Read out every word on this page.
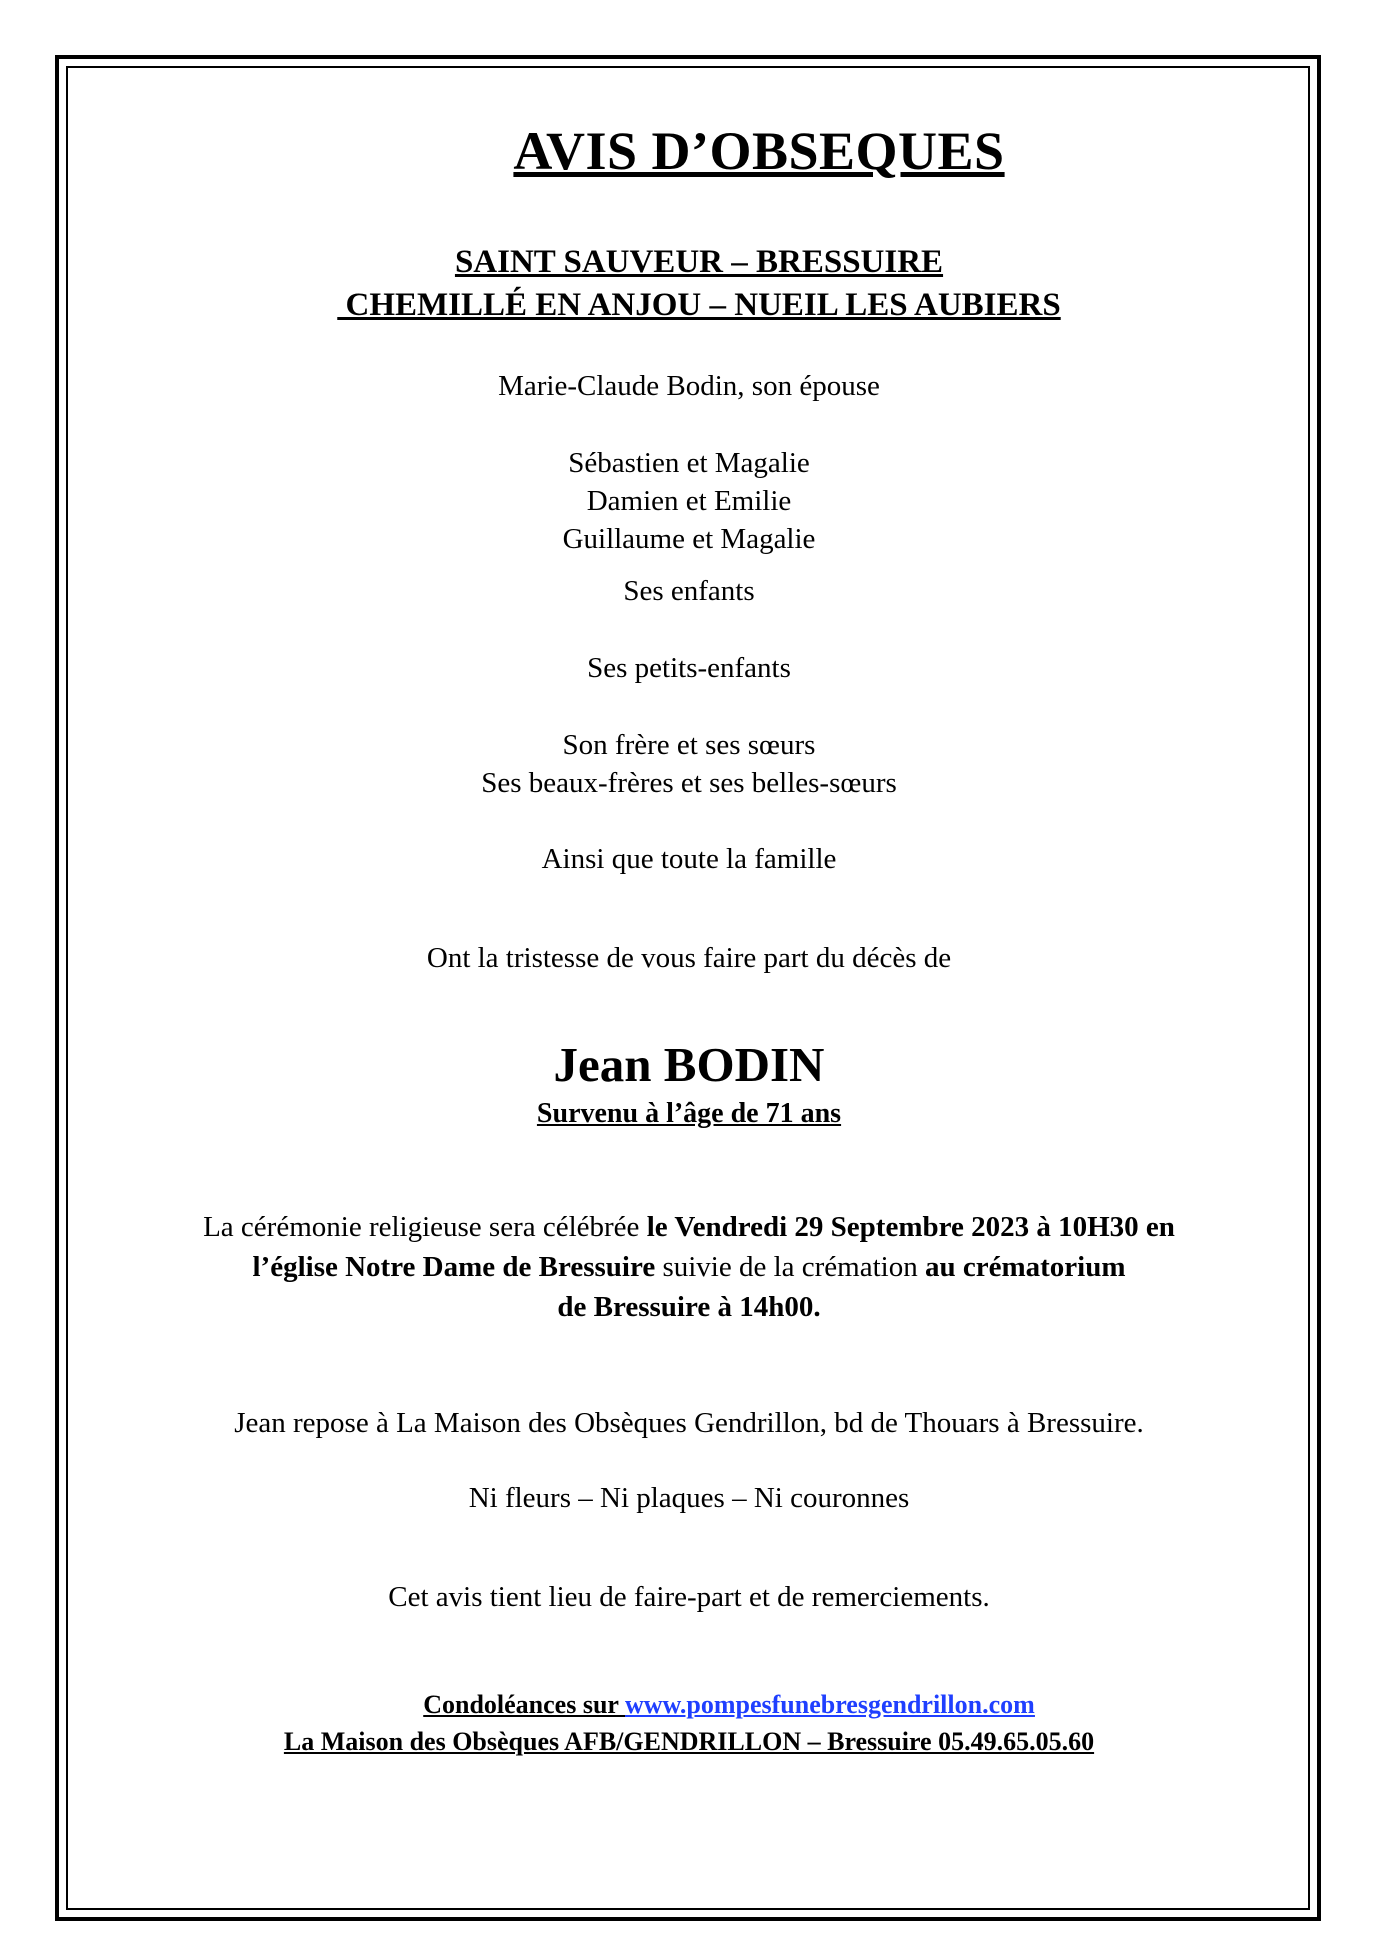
AVIS D’OBSEQUES
SAINT SAUVEUR – BRESSUIRE
CHEMILLÉ EN ANJOU – NUEIL LES AUBIERS
Marie-Claude Bodin, son épouse
Sébastien et Magalie
Damien et Emilie
Guillaume et Magalie
Ses enfants
Ses petits-enfants
Son frère et ses sœurs
Ses beaux-frères et ses belles-sœurs
Ainsi que toute la famille
Ont la tristesse de vous faire part du décès de
Jean BODIN
Survenu à l’âge de 71 ans
La cérémonie religieuse sera célébrée le Vendredi 29 Septembre 2023 à 10H30 en
l’église Notre Dame de Bressuire suivie de la crémation au crématorium
de Bressuire à 14h00.
Jean repose à La Maison des Obsèques Gendrillon, bd de Thouars à Bressuire.
Ni fleurs – Ni plaques – Ni couronnes
Cet avis tient lieu de faire-part et de remerciements.
Condoléances sur www.pompesfunebresgendrillon.com
La Maison des Obsèques AFB/GENDRILLON – Bressuire 05.49.65.05.60
